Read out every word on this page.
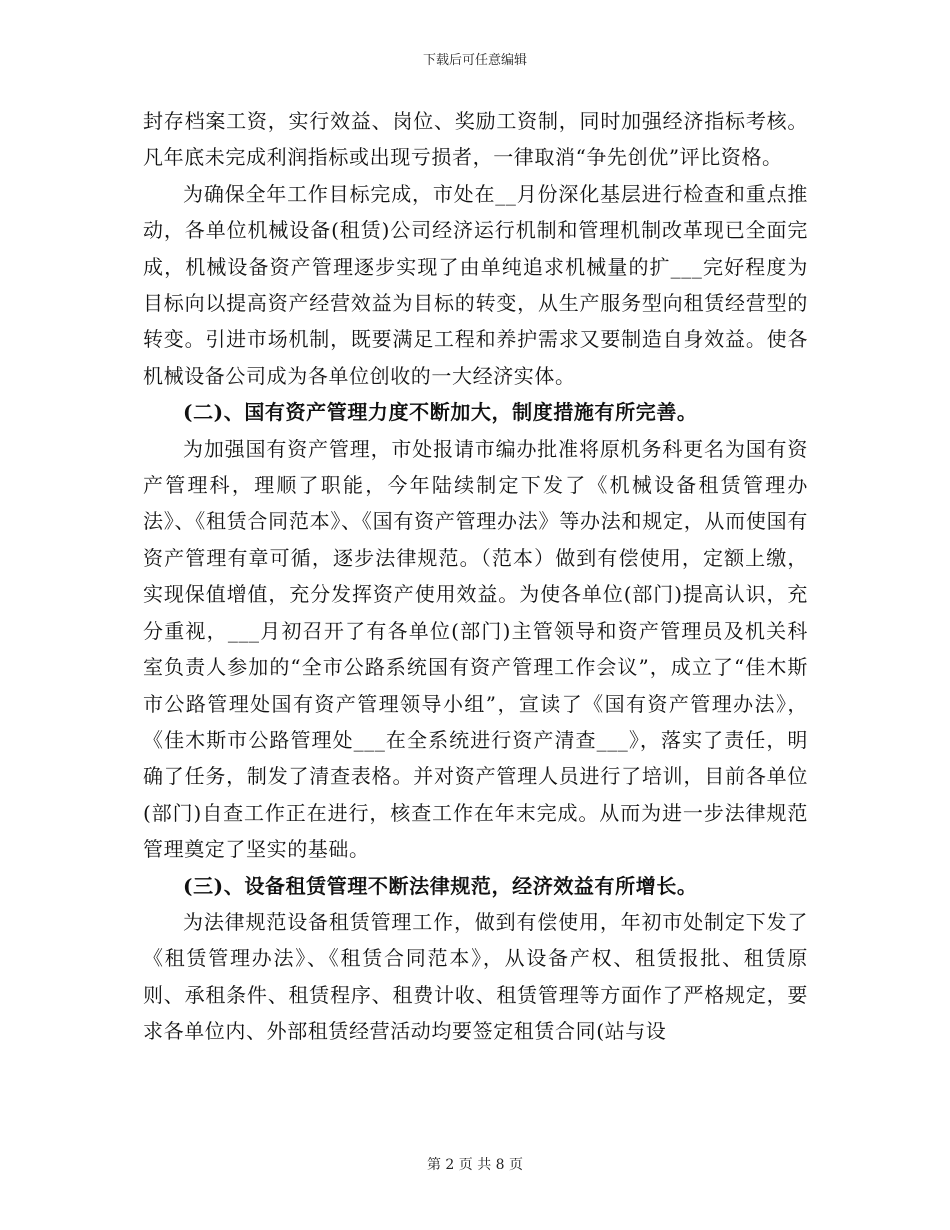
下载后可任意编辑

封存档案工资，实行效益、岗位、奖励工资制，同时加强经济指标考核。凡年底未完成利润指标或出现亏损者，一律取消“争先创优”评比资格。

为确保全年工作目标完成，市处在__月份深化基层进行检查和重点推动，各单位机械设备(租赁)公司经济运行机制和管理机制改革现已全面完成，机械设备资产管理逐步实现了由单纯追求机械量的扩___完好程度为目标向以提高资产经营效益为目标的转变，从生产服务型向租赁经营型的转变。引进市场机制，既要满足工程和养护需求又要制造自身效益。使各机械设备公司成为各单位创收的一大经济实体。

(二)、国有资产管理力度不断加大，制度措施有所完善。

为加强国有资产管理，市处报请市编办批准将原机务科更名为国有资产管理科，理顺了职能，今年陆续制定下发了《机械设备租赁管理办法》、《租赁合同范本》、《国有资产管理办法》等办法和规定，从而使国有资产管理有章可循，逐步法律规范。（范本）做到有偿使用，定额上缴，实现保值增值，充分发挥资产使用效益。为使各单位(部门)提高认识，充分重视，___月初召开了有各单位(部门)主管领导和资产管理员及机关科室负责人参加的“全市公路系统国有资产管理工作会议”，成立了“佳木斯市公路管理处国有资产管理领导小组”，宣读了《国有资产管理办法》，《佳木斯市公路管理处___在全系统进行资产清查___》，落实了责任，明确了任务，制发了清查表格。并对资产管理人员进行了培训，目前各单位(部门)自查工作正在进行，核查工作在年末完成。从而为进一步法律规范管理奠定了坚实的基础。

(三)、设备租赁管理不断法律规范，经济效益有所增长。

为法律规范设备租赁管理工作，做到有偿使用，年初市处制定下发了《租赁管理办法》、《租赁合同范本》，从设备产权、租赁报批、租赁原则、承租条件、租赁程序、租费计收、租赁管理等方面作了严格规定，要求各单位内、外部租赁经营活动均要签定租赁合同(站与设

第 2 页 共 8 页
